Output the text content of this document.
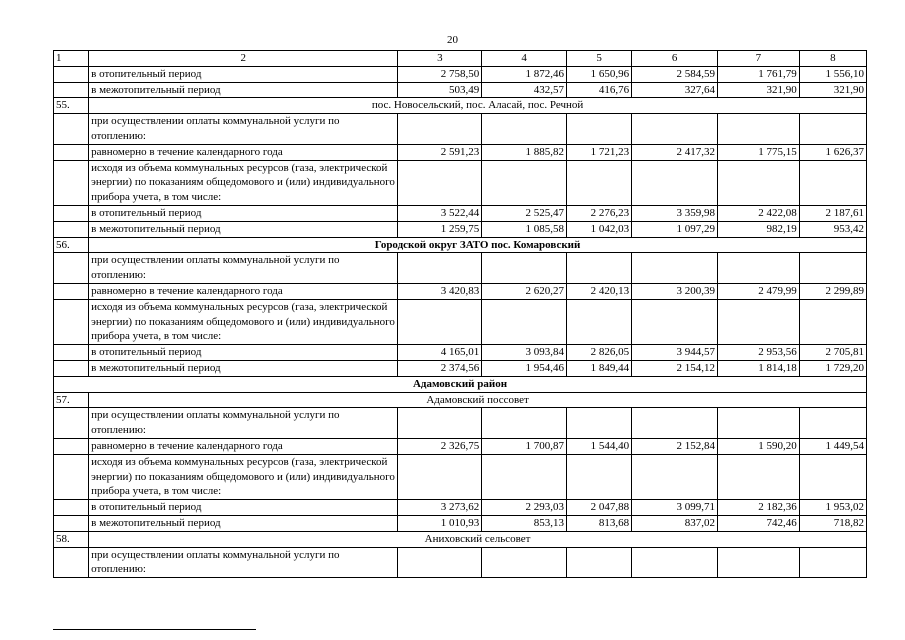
20
1	2	3	4	5	6	7	8
	в отопительный период	2 758,50	1 872,46	1 650,96	2 584,59	1 761,79	1 556,10
	в межотопительный период	503,49	432,57	416,76	327,64	321,90	321,90
55.	пос. Новосельский, пос. Аласай, пос. Речной						
	при осуществлении оплаты коммунальной услуги по отоплению:						
	равномерно в течение календарного года	2 591,23	1 885,82	1 721,23	2 417,32	1 775,15	1 626,37
	исходя из объема коммунальных ресурсов (газа, электрической энергии) по показаниям общедомового и (или) индивидуального прибора учета, в том числе:						
	в отопительный период	3 522,44	2 525,47	2 276,23	3 359,98	2 422,08	2 187,61
	в межотопительный период	1 259,75	1 085,58	1 042,03	1 097,29	982,19	953,42
56.	Городской округ ЗАТО пос. Комаровский						
	при осуществлении оплаты коммунальной услуги по отоплению:						
	равномерно в течение календарного года	3 420,83	2 620,27	2 420,13	3 200,39	2 479,99	2 299,89
	исходя из объема коммунальных ресурсов (газа, электрической энергии) по показаниям общедомового и (или) индивидуального прибора учета, в том числе:						
	в отопительный период	4 165,01	3 093,84	2 826,05	3 944,57	2 953,56	2 705,81
	в межотопительный период	2 374,56	1 954,46	1 849,44	2 154,12	1 814,18	1 729,20
Адамовский район							
57.	Адамовский поссовет						
	при осуществлении оплаты коммунальной услуги по отоплению:						
	равномерно в течение календарного года	2 326,75	1 700,87	1 544,40	2 152,84	1 590,20	1 449,54
	исходя из объема коммунальных ресурсов (газа, электрической энергии) по показаниям общедомового и (или) индивидуального прибора учета, в том числе:						
	в отопительный период	3 273,62	2 293,03	2 047,88	3 099,71	2 182,36	1 953,02
	в межотопительный период	1 010,93	853,13	813,68	837,02	742,46	718,82
58.	Аниховский сельсовет						
	при осуществлении оплаты коммунальной услуги по отоплению:						
